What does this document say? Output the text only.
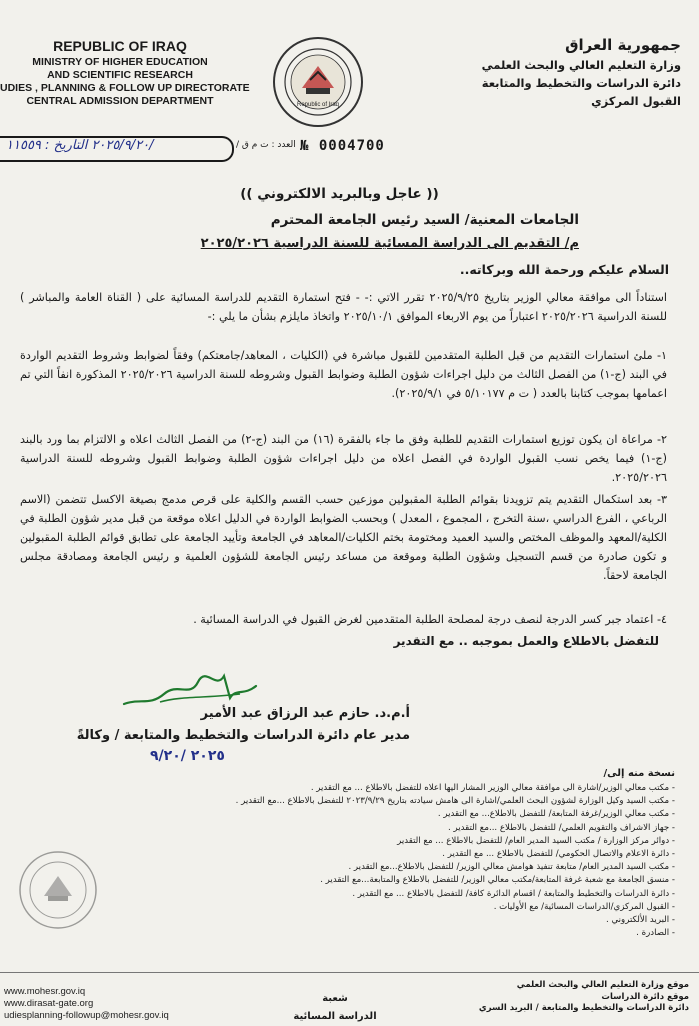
REPUBLIC OF IRAQ
MINISTRY OF HIGHER EDUCATION
AND SCIENTIFIC RESEARCH
UDIES , PLANNING & FOLLOW UP DIRECTORATE
CENTRAL ADMISSION DEPARTMENT	Republic of Iraq
جمهورية العراق
وزارة التعليم العالي والبحث العلمي
دائرة الدراسات والتخطيط والمتابعة
القبول المركزي
٢٠٢٥/٩/٢٠ التاريخ : ١١٥٥٩/	العدد : ت م ق / № 0004700
(( عاجل وبالبريد الالكتروني ))
الجامعات المعنية/ السيد رئيس الجامعة المحترم
م/ التقديم الى الدراسة المسائية للسنة الدراسية ٢٠٢٥/٢٠٢٦
السلام عليكم ورحمة الله وبركاته..
استناداً الى موافقة معالي الوزير بتاريخ ٢٠٢٥/٩/٢٥ تقرر الاتي :- - فتح استمارة التقديم للدراسة المسائية على ( القناة العامة والمباشر ) للسنة الدراسية ٢٠٢٥/٢٠٢٦ اعتباراً من يوم الاربعاء الموافق ٢٠٢٥/١٠/١ واتخاذ مايلزم بشأن ما يلي :-
١- ملئ استمارات التقديم من قبل الطلبة المتقدمين للقبول مباشرة في (الكليات ، المعاهد/جامعتكم) وفقاً لضوابط وشروط التقديم الواردة في البند (ج-١) من الفصل الثالث من دليل اجراءات شؤون الطلبة وضوابط القبول وشروطه للسنة الدراسية ٢٠٢٥/٢٠٢٦ المذكورة انفاً التي تم اعمامها بموجب كتابنا بالعدد ( ت م ٥/١٠١٧٧ في ٢٠٢٥/٩/١).
٢- مراعاة ان يكون توزيع استمارات التقديم للطلبة وفق ما جاء بالفقرة (١٦) من البند (ج-٢) من الفصل الثالث اعلاه و الالتزام بما ورد بالبند (ج-١) فيما يخص نسب القبول الواردة في الفصل اعلاه من دليل اجراءات شؤون الطلبة وضوابط القبول وشروطه للسنة الدراسية ٢٠٢٥/٢٠٢٦.
٣- بعد استكمال التقديم يتم تزويدنا بقوائم الطلبة المقبولين موزعين حسب القسم والكلية على قرص مدمج بصيغة الاكسل تتضمن (الاسم الرباعي ، الفرع الدراسي ،سنة التخرج ، المجموع ، المعدل ) وبحسب الضوابط الواردة في الدليل اعلاه موقعة من قبل مدير شؤون الطلبة في الكلية/المعهد والموظف المختص والسيد العميد ومختومة بختم الكليات/المعاهد في الجامعة وتأييد الجامعة على تطابق قوائم الطلبة المقبولين و تكون صادرة من قسم التسجيل وشؤون الطلبة وموقعة من مساعد رئيس الجامعة للشؤون العلمية و رئيس الجامعة ومصادقة مجلس الجامعة لاحقاً.
٤- اعتماد جبر كسر الدرجة لنصف درجة لمصلحة الطلبة المتقدمين لغرض القبول في الدراسة المسائية .
للتفضل بالاطلاع والعمل بموجبه .. مع التقدير
أ.م.د. حازم عبد الرزاق عبد الأمير
مدير عام دائرة الدراسات والتخطيط والمتابعة / وكالةً
٢٠٢٥ /٩/٢٠
نسخة منه إلى/
- مكتب معالي الوزير/اشارة الى موافقة معالي الوزير المشار اليها اعلاه للتفضل بالاطلاع ... مع التقدير .
- مكتب السيد وكيل الوزارة لشؤون البحث العلمي/اشارة الى هامش سيادته بتاريخ ٢٠٢٣/٩/٢٩ للتفضل بالاطلاع ...مع التقدير .
- مكتب معالي الوزير/غرفة المتابعة/ للتفضل بالاطلاع... مع التقدير .
- جهاز الاشراف والتقويم العلمي/ للتفضل بالاطلاع ...مع التقدير .
- دوائر مركز الوزارة / مكتب السيد المدير العام/ للتفضل بالاطلاع ... مع التقدير
- دائرة الاعلام والاتصال الحكومي/ للتفضل بالاطلاع ... مع التقدير .
- مكتب السيد المدير العام/ متابعة تنفيذ هوامش معالي الوزير/ للتفضل بالاطلاع...مع التقدير .
- منسق الجامعة مع شعبة غرفة المتابعة/مكتب معالي الوزير/ للتفضل بالاطلاع والمتابعة...مع التقدير .
- دائرة الدراسات والتخطيط والمتابعة / اقسام الدائرة كافة/ للتفضل بالاطلاع ... مع التقدير .
- القبول المركزي/الدراسات المسائية/ مع الأوليات .
- البريد الألكتروني .
- الصادرة .
www.mohesr.gov.iq
www.dirasat-gate.org
udiesplanning-followup@mohesr.gov.iq
شعبة
الدراسة المسائية
موقع وزارة التعليم العالي والبحث العلمي
موقع دائرة الدراسات
دائرة الدراسات والتخطيط والمتابعة / البريد السري
